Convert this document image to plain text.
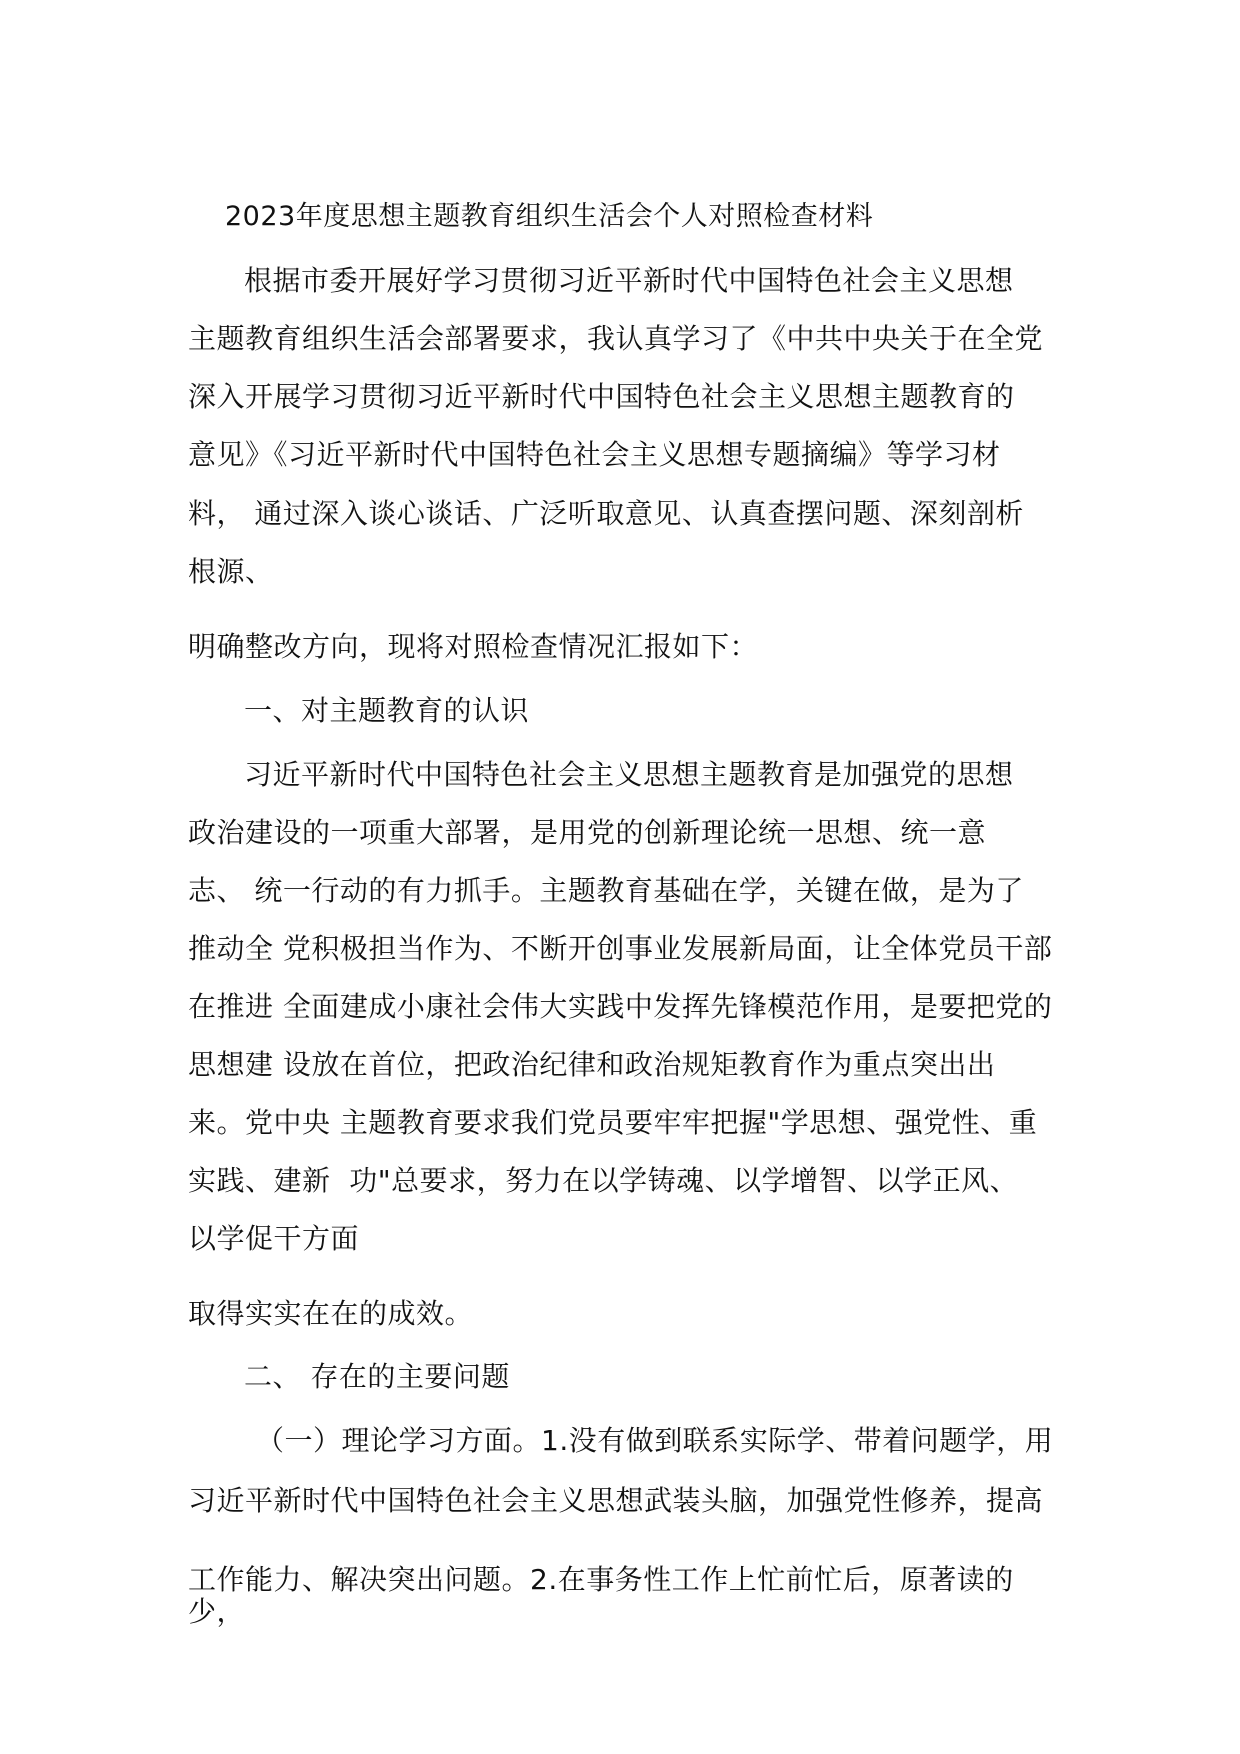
2023年度思想主题教育组织生活会个人对照检查材料
根据市委开展好学习贯彻习近平新时代中国特色社会主义思想
主题教育组织生活会部署要求，我认真学习了《中共中央关于在全党
深入开展学习贯彻习近平新时代中国特色社会主义思想主题教育的
意见》《习近平新时代中国特色社会主义思想专题摘编》等学习材
料， 通过深入谈心谈话、广泛听取意见、认真查摆问题、深刻剖析
根源、
明确整改方向，现将对照检查情况汇报如下：
一、对主题教育的认识
习近平新时代中国特色社会主义思想主题教育是加强党的思想
政治建设的一项重大部署，是用党的创新理论统一思想、统一意
志、 统一行动的有力抓手。主题教育基础在学，关键在做，是为了
推动全 党积极担当作为、不断开创事业发展新局面，让全体党员干部
在推进 全面建成小康社会伟大实践中发挥先锋模范作用，是要把党的
思想建 设放在首位，把政治纪律和政治规矩教育作为重点突出出
来。党中央 主题教育要求我们党员要牢牢把握"学思想、强党性、重
实践、建新  功"总要求，努力在以学铸魂、以学增智、以学正风、
以学促干方面
取得实实在在的成效。
二、 存在的主要问题
（一）理论学习方面。1.没有做到联系实际学、带着问题学，用
习近平新时代中国特色社会主义思想武装头脑，加强党性修养，提高
工作能力、解决突出问题。2.在事务性工作上忙前忙后，原著读的
少，
